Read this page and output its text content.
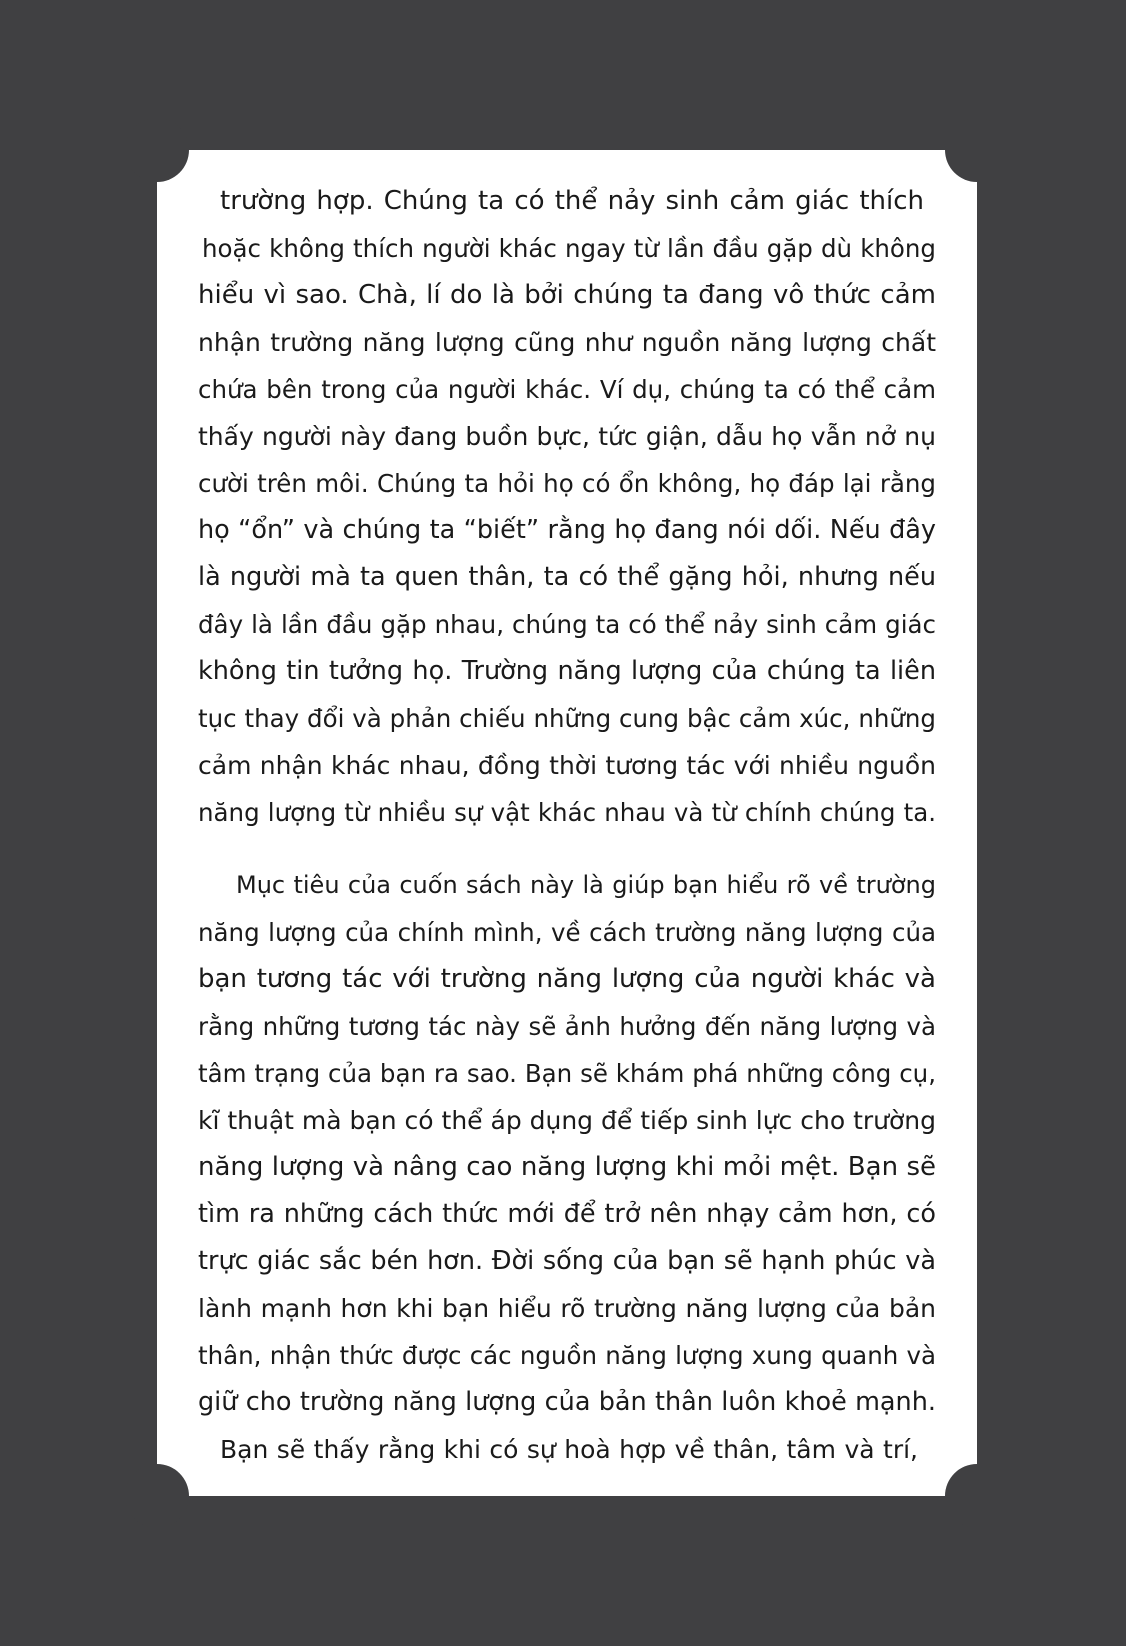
trường hợp. Chúng ta có thể nảy sinh cảm giác thích
hoặc không thích người khác ngay từ lần đầu gặp dù không
hiểu vì sao. Chà, lí do là bởi chúng ta đang vô thức cảm
nhận trường năng lượng cũng như nguồn năng lượng chất
chứa bên trong của người khác. Ví dụ, chúng ta có thể cảm
thấy người này đang buồn bực, tức giận, dẫu họ vẫn nở nụ
cười trên môi. Chúng ta hỏi họ có ổn không, họ đáp lại rằng
họ “ổn” và chúng ta “biết” rằng họ đang nói dối. Nếu đây
là người mà ta quen thân, ta có thể gặng hỏi, nhưng nếu
đây là lần đầu gặp nhau, chúng ta có thể nảy sinh cảm giác
không tin tưởng họ. Trường năng lượng của chúng ta liên
tục thay đổi và phản chiếu những cung bậc cảm xúc, những
cảm nhận khác nhau, đồng thời tương tác với nhiều nguồn
năng lượng từ nhiều sự vật khác nhau và từ chính chúng ta.
Mục tiêu của cuốn sách này là giúp bạn hiểu rõ về trường
năng lượng của chính mình, về cách trường năng lượng của
bạn tương tác với trường năng lượng của người khác và
rằng những tương tác này sẽ ảnh hưởng đến năng lượng và
tâm trạng của bạn ra sao. Bạn sẽ khám phá những công cụ,
kĩ thuật mà bạn có thể áp dụng để tiếp sinh lực cho trường
năng lượng và nâng cao năng lượng khi mỏi mệt. Bạn sẽ
tìm ra những cách thức mới để trở nên nhạy cảm hơn, có
trực giác sắc bén hơn. Đời sống của bạn sẽ hạnh phúc và
lành mạnh hơn khi bạn hiểu rõ trường năng lượng của bản
thân, nhận thức được các nguồn năng lượng xung quanh và
giữ cho trường năng lượng của bản thân luôn khoẻ mạnh.
Bạn sẽ thấy rằng khi có sự hoà hợp về thân, tâm và trí,
